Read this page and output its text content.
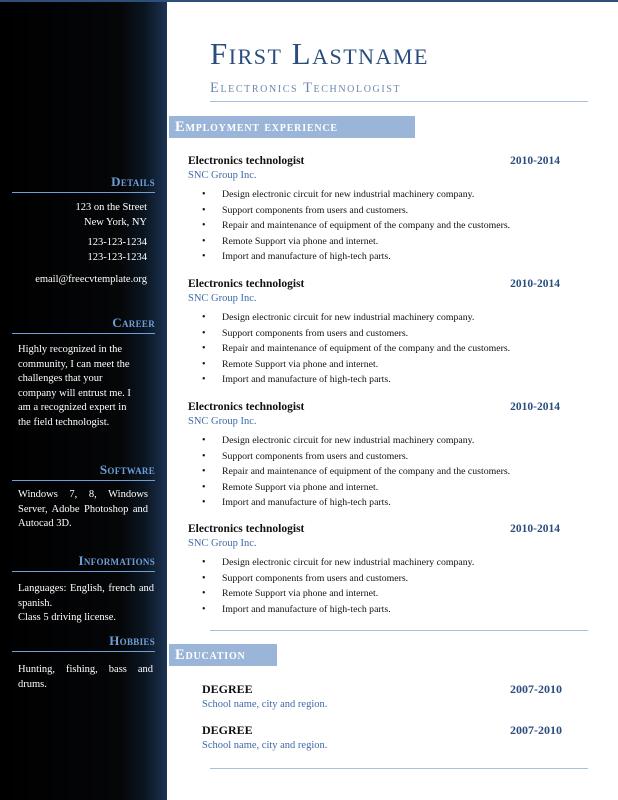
Details
123 on the Street
New York, NY
123-123-1234
123-123-1234
email@freecvtemplate.org
Career
Highly recognized in the community, I can meet the challenges that your company will entrust me. I am a recognized expert in the field technologist.
Software
Windows 7, 8, Windows Server, Adobe Photoshop and Autocad 3D.
Informations
Languages: English, french and spanish.
Class 5 driving license.
Hobbies
Hunting, fishing, bass and drums.
First Lastname
Electronics Technologist
Employment experience
Electronics technologist	2010-2014
SNC Group Inc.
• Design electronic circuit for new industrial machinery company.
• Support components from users and customers.
• Repair and maintenance of equipment of the company and the customers.
• Remote Support via phone and internet.
• Import and manufacture of high-tech parts.
Electronics technologist	2010-2014
SNC Group Inc.
• Design electronic circuit for new industrial machinery company.
• Support components from users and customers.
• Repair and maintenance of equipment of the company and the customers.
• Remote Support via phone and internet.
• Import and manufacture of high-tech parts.
Electronics technologist	2010-2014
SNC Group Inc.
• Design electronic circuit for new industrial machinery company.
• Support components from users and customers.
• Repair and maintenance of equipment of the company and the customers.
• Remote Support via phone and internet.
• Import and manufacture of high-tech parts.
Electronics technologist	2010-2014
SNC Group Inc.
• Design electronic circuit for new industrial machinery company.
• Support components from users and customers.
• Remote Support via phone and internet.
• Import and manufacture of high-tech parts.
Education
DEGREE	2007-2010
School name, city and region.
DEGREE	2007-2010
School name, city and region.
